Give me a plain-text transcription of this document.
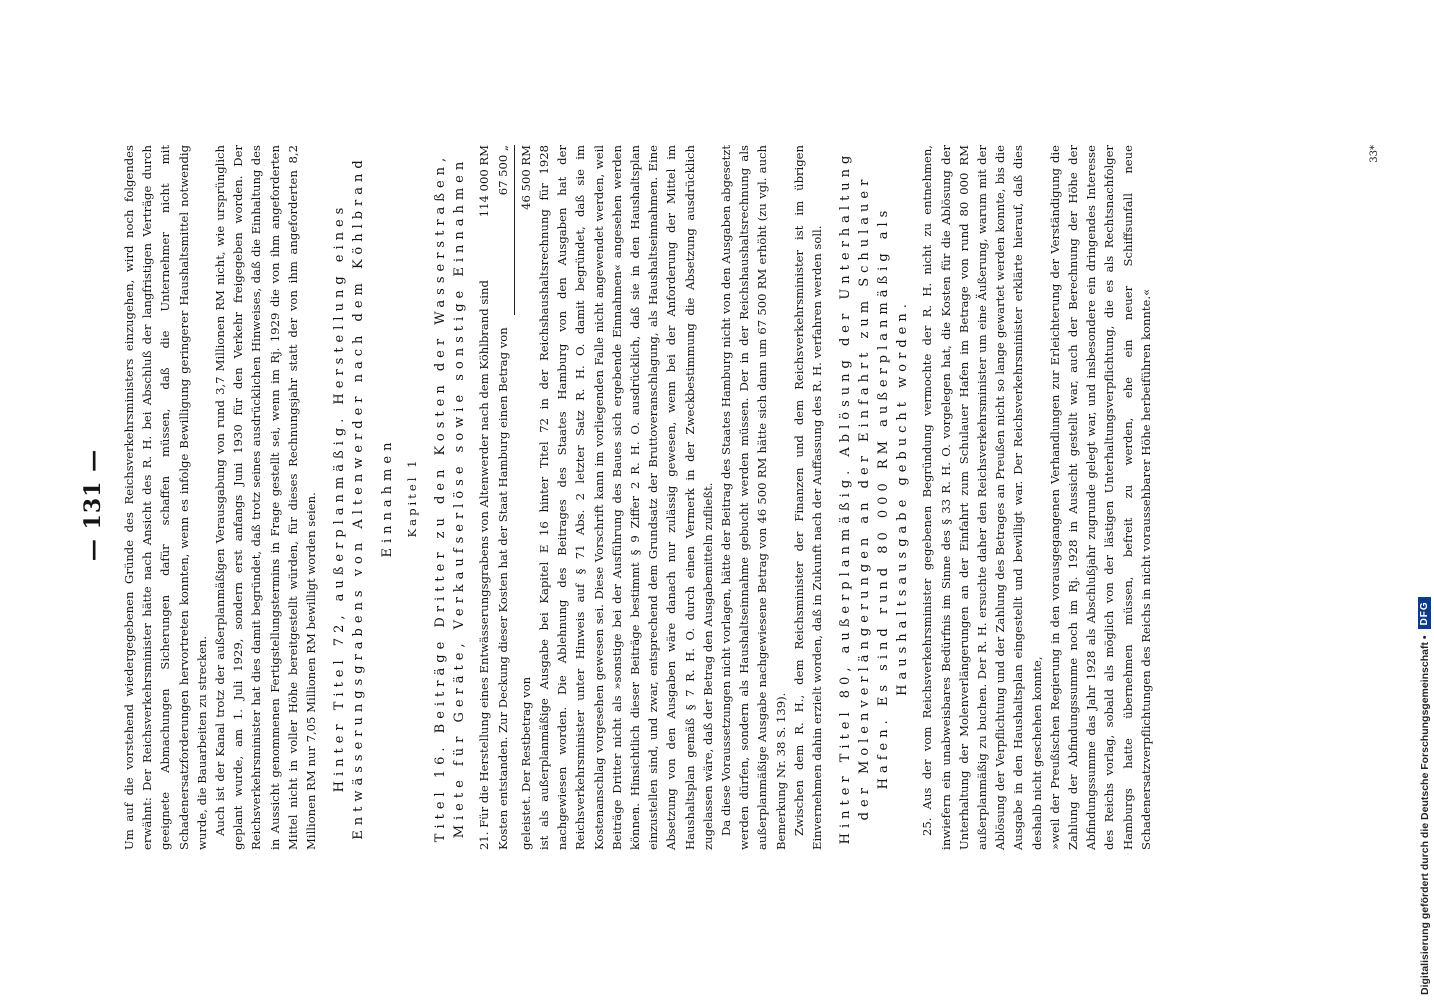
— 131 — Um auf die vorstehend wiedergegebenen Gründe des Reichsverkehrsministers einzugehen, wird noch folgendes erwähnt: Der Reichsverkehrsminister hätte nach Ansicht des R. H. bei Abschluß der langfristigen Verträge durch geeignete Abmachungen Sicherungen dafür schaffen müssen, daß die Unternehmer nicht mit Schadenersatzforderungen hervortreten konnten, wenn es infolge Bewilligung geringerer Haushaltsmittel notwendig wurde, die Bauarbeiten zu strecken. Auch ist der Kanal trotz der außerplanmäßigen Verausgabung von rund 3,7 Millionen RM nicht, wie ursprünglich geplant wurde, am 1. Juli 1929, sondern erst anfangs Juni 1930 für den Verkehr freigegeben worden. Der Reichsverkehrsminister hat dies damit begründet, daß trotz seines ausdrücklichen Hinweises, daß die Einhaltung des in Aussicht genommenen Fertigstellungstermins in Frage gestellt sei, wenn im Rj. 1929 die von ihm angeforderten Mittel nicht in voller Höhe bereitgestellt würden, für dieses Rechnungsjahr statt der von ihm angeforderten 8,2 Millionen RM nur 7,05 Millionen RM bewilligt worden seien. Hinter Titel 72, außerplanmäßig. Herstellung eines Entwässerungsgrabens von Altenwerder nach dem Köhlbrand Einnahmen Kapitel 1 Titel 16. Beiträge Dritter zu den Kosten der Wasserstraßen, Miete für Geräte, Verkaufserlöse sowie sonstige Einnahmen 21. Für die Herstellung eines Entwässerungsgrabens von Altenwerder nach dem Köhlbrand sind
114 000 RM
Kosten entstanden. Zur Deckung dieser Kosten hat der Staat Hamburg einen Betrag von
67 500 „
geleistet. Der Restbetrag von
46 500 RM ist als außerplanmäßige Ausgabe bei Kapitel E 16 hinter Titel 72 in der Reichshaushaltsrechnung für 1928 nachgewiesen worden. Die Ablehnung des Beitrages des Staates Hamburg von den Ausgaben hat der Reichsverkehrsminister unter Hinweis auf § 71 Abs. 2 letzter Satz R. H. O. damit begründet, daß sie im Kostenanschlag vorgesehen gewesen sei. Diese Vorschrift kann im vorliegenden Falle nicht angewendet werden, weil Beiträge Dritter nicht als »sonstige bei der Ausführung des Baues sich ergebende Einnahmen« angesehen werden können. Hinsichtlich dieser Beiträge bestimmt § 9 Ziffer 2 R. H. O. ausdrücklich, daß sie in den Haushaltsplan einzustellen sind, und zwar, entsprechend dem Grundsatz der Bruttoveranschlagung, als Haushaltseinnahmen. Eine Absetzung von den Ausgaben wäre danach nur zulässig gewesen, wenn bei der Anforderung der Mittel im Haushaltsplan gemäß § 7 R. H. O. durch einen Vermerk in der Zweckbestimmung die Absetzung ausdrücklich zugelassen wäre, daß der Betrag den Ausgabemitteln zufließt. Da diese Voraussetzungen nicht vorlagen, hätte der Beitrag des Staates Hamburg nicht von den Ausgaben abgesetzt werden dürfen, sondern als Haushaltseinnahme gebucht werden müssen. Der in der Reichshaushaltsrechnung als außerplanmäßige Ausgabe nachgewiesene Betrag von 46 500 RM hätte sich dann um 67 500 RM erhöht (zu vgl. auch Bemerkung Nr. 38 S. 139). Zwischen dem R. H., dem Reichsminister der Finanzen und dem Reichsverkehrsminister ist im übrigen Einvernehmen dahin erzielt worden, daß in Zukunft nach der Auffassung des R. H. verfahren werden soll. Hinter Titel 80, außerplanmäßig. Ablösung der Unterhaltung der Molenverlängerungen an der Einfahrt zum Schulauer Hafen. Es sind rund 80 000 RM außerplanmäßig als Haushaltsausgabe gebucht worden. 25. Aus der vom Reichsverkehrsminister gegebenen Begründung vermochte der R. H. nicht zu entnehmen, inwiefern ein unabweisbares Bedürfnis im Sinne des § 33 R. H. O. vorgelegen hat, die Kosten für die Ablösung der Unterhaltung der Molenverlängerungen an der Einfahrt zum Schulauer Hafen im Betrage von rund 80 000 RM außerplanmäßig zu buchen. Der R. H. ersuchte daher den Reichsverkehrsminister um eine Äußerung, warum mit der Ablösung der Verpflichtung und der Zahlung des Betrages an Preußen nicht so lange gewartet werden konnte, bis die Ausgabe in den Haushaltsplan eingestellt und bewilligt war. Der Reichsverkehrsminister erklärte hierauf, daß dies deshalb nicht geschehen konnte, »weil der Preußischen Regierung in den vorausgegangenen Verhandlungen zur Erleichterung der Verständigung die Zahlung der Abfindungssumme noch im Rj. 1928 in Aussicht gestellt war, auch der Berechnung der Höhe der Abfindungssumme das Jahr 1928 als Abschlußjahr zugrunde gelegt war, und insbesondere ein dringendes Interesse des Reichs vorlag, sobald als möglich von der lästigen Unterhaltungsverpflichtung, die es als Rechtsnachfolger Hamburgs hatte übernehmen müssen, befreit zu werden, ehe ein neuer Schiffsunfall neue Schadenersatzverpflichtungen des Reichs in nicht voraussehbarer Höhe herbeiführen konnte.«

33*
Digitalisierung gefördert durch die Deutsche Forschungsgemeinschaft •
DFG
